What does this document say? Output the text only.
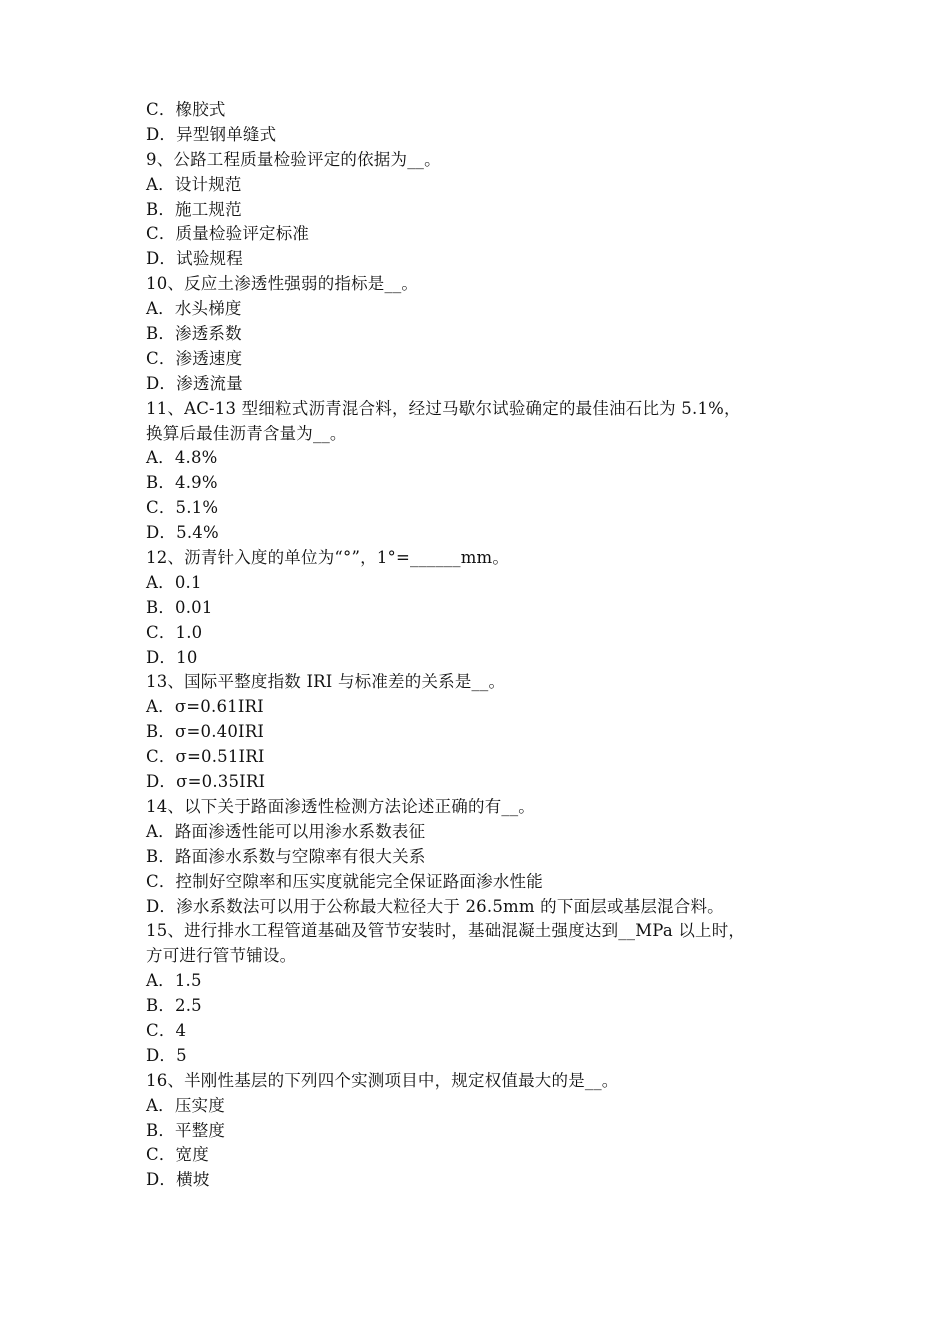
C．橡胶式
D．异型钢单缝式
9、公路工程质量检验评定的依据为__。
A．设计规范
B．施工规范
C．质量检验评定标准
D．试验规程
10、反应土渗透性强弱的指标是__。
A．水头梯度
B．渗透系数
C．渗透速度
D．渗透流量
11、AC-13 型细粒式沥青混合料，经过马歇尔试验确定的最佳油石比为 5.1%，
换算后最佳沥青含量为__。
A．4.8%
B．4.9%
C．5.1%
D．5.4%
12、沥青针入度的单位为“°”，1°=______mm。
A．0.1
B．0.01
C．1.0
D．10
13、国际平整度指数 IRI 与标准差的关系是__。
A．σ=0.61IRI
B．σ=0.40IRI
C．σ=0.51IRI
D．σ=0.35IRI
14、以下关于路面渗透性检测方法论述正确的有__。
A．路面渗透性能可以用渗水系数表征
B．路面渗水系数与空隙率有很大关系
C．控制好空隙率和压实度就能完全保证路面渗水性能
D．渗水系数法可以用于公称最大粒径大于 26.5mm 的下面层或基层混合料。
15、进行排水工程管道基础及管节安装时，基础混凝土强度达到__MPa 以上时，
方可进行管节铺设。
A．1.5
B．2.5
C．4
D．5
16、半刚性基层的下列四个实测项目中，规定权值最大的是__。
A．压实度
B．平整度
C．宽度
D．横坡
